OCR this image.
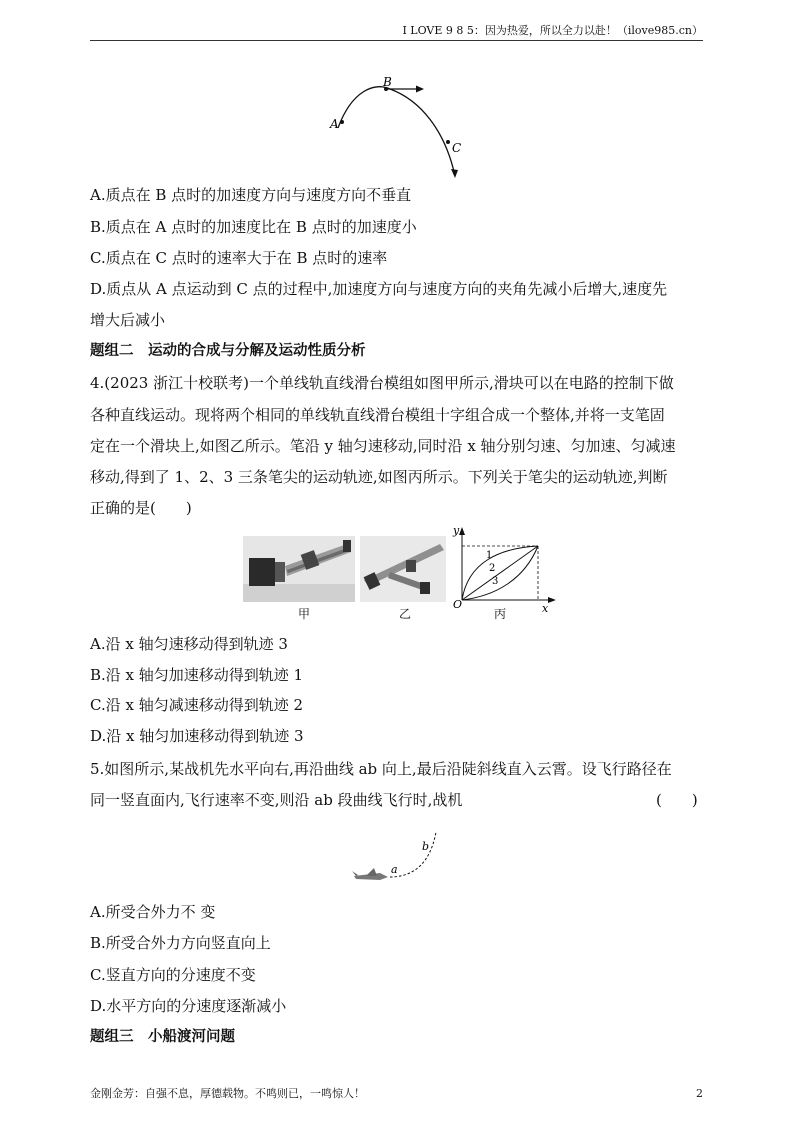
I LOVE 9 8 5：因为热爱，所以全力以赴！（ilove985.cn）
A
B
C
A.质点在 B 点时的加速度方向与速度方向不垂直
B.质点在 A 点时的加速度比在 B 点时的加速度小
C.质点在 C 点时的速率大于在 B 点时的速率
D.质点从 A 点运动到 C 点的过程中,加速度方向与速度方向的夹角先减小后增大,速度先
增大后减小
题组二　运动的合成与分解及运动性质分析
4.(2023 浙江十校联考)一个单线轨直线滑台模组如图甲所示,滑块可以在电路的控制下做
各种直线运动。现将两个相同的单线轨直线滑台模组十字组合成一个整体,并将一支笔固
定在一个滑块上,如图乙所示。笔沿 y 轴匀速移动,同时沿 x 轴分别匀速、匀加速、匀减速
移动,得到了 1、2、3 三条笔尖的运动轨迹,如图丙所示。下列关于笔尖的运动轨迹,判断
正确的是(　　)
y
x
O
1
2
3
甲	乙	丙
A.沿 x 轴匀速移动得到轨迹 3
B.沿 x 轴匀加速移动得到轨迹 1
C.沿 x 轴匀减速移动得到轨迹 2
D.沿 x 轴匀加速移动得到轨迹 3
5.如图所示,某战机先水平向右,再沿曲线 ab 向上,最后沿陡斜线直入云霄。设飞行路径在
同一竖直面内,飞行速率不变,则沿 ab 段曲线飞行时,战机	(　　)
a
b
A.所受合外力不 变
B.所受合外力方向竖直向上
C.竖直方向的分速度不变
D.水平方向的分速度逐渐减小
题组三　小船渡河问题
金刚金芳：自强不息，厚德载物。不鸣则已，一鸣惊人！	2
